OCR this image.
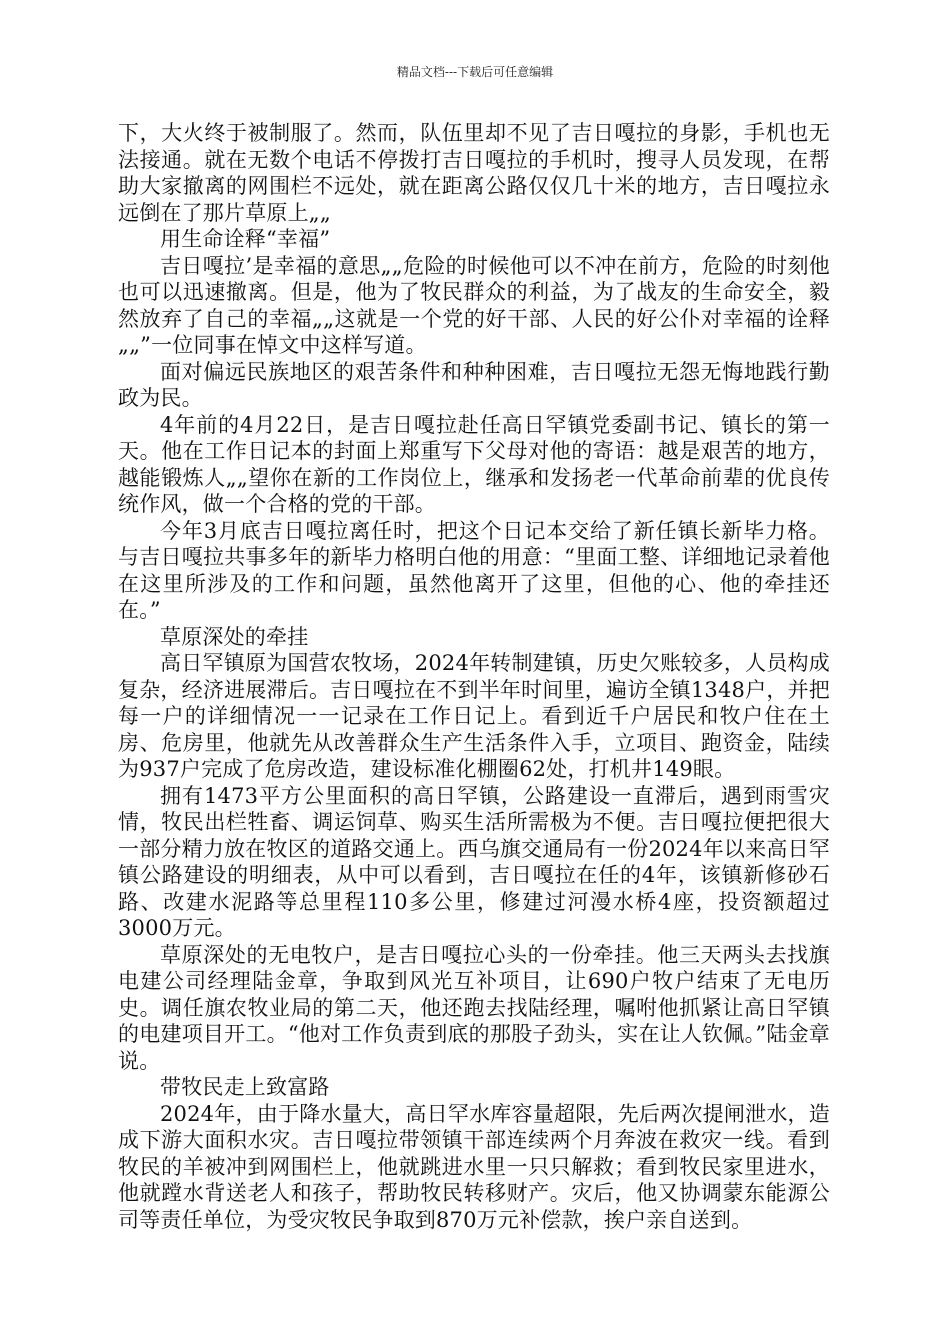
精品文档---下载后可任意编辑

下，大火终于被制服了。然而，队伍里却不见了吉日嘎拉的身影，手机也无法接通。就在无数个电话不停拨打吉日嘎拉的手机时，搜寻人员发现，在帮助大家撤离的网围栏不远处，就在距离公路仅仅几十米的地方，吉日嘎拉永远倒在了那片草原上„„

用生命诠释“幸福”

吉日嘎拉’是幸福的意思„„危险的时候他可以不冲在前方，危险的时刻他也可以迅速撤离。但是，他为了牧民群众的利益，为了战友的生命安全，毅然放弃了自己的幸福„„这就是一个党的好干部、人民的好公仆对幸福的诠释„„”一位同事在悼文中这样写道。

面对偏远民族地区的艰苦条件和种种困难，吉日嘎拉无怨无悔地践行勤政为民。

4年前的4月22日，是吉日嘎拉赴任高日罕镇党委副书记、镇长的第一天。他在工作日记本的封面上郑重写下父母对他的寄语：越是艰苦的地方，越能锻炼人„„望你在新的工作岗位上，继承和发扬老一代革命前辈的优良传统作风，做一个合格的党的干部。

今年3月底吉日嘎拉离任时，把这个日记本交给了新任镇长新毕力格。与吉日嘎拉共事多年的新毕力格明白他的用意：“里面工整、详细地记录着他在这里所涉及的工作和问题，虽然他离开了这里，但他的心、他的牵挂还在。”

草原深处的牵挂

高日罕镇原为国营农牧场，2024年转制建镇，历史欠账较多，人员构成复杂，经济进展滞后。吉日嘎拉在不到半年时间里，遍访全镇1348户，并把每一户的详细情况一一记录在工作日记上。看到近千户居民和牧户住在土房、危房里，他就先从改善群众生产生活条件入手，立项目、跑资金，陆续为937户完成了危房改造，建设标准化棚圈62处，打机井149眼。

拥有1473平方公里面积的高日罕镇，公路建设一直滞后，遇到雨雪灾情，牧民出栏牲畜、调运饲草、购买生活所需极为不便。吉日嘎拉便把很大一部分精力放在牧区的道路交通上。西乌旗交通局有一份2024年以来高日罕镇公路建设的明细表，从中可以看到，吉日嘎拉在任的4年，该镇新修砂石路、改建水泥路等总里程110多公里，修建过河漫水桥4座，投资额超过3000万元。

草原深处的无电牧户，是吉日嘎拉心头的一份牵挂。他三天两头去找旗电建公司经理陆金章，争取到风光互补项目，让690户牧户结束了无电历史。调任旗农牧业局的第二天，他还跑去找陆经理，嘱咐他抓紧让高日罕镇的电建项目开工。“他对工作负责到底的那股子劲头，实在让人钦佩。”陆金章说。

带牧民走上致富路

2024年，由于降水量大，高日罕水库容量超限，先后两次提闸泄水，造成下游大面积水灾。吉日嘎拉带领镇干部连续两个月奔波在救灾一线。看到牧民的羊被冲到网围栏上，他就跳进水里一只只解救；看到牧民家里进水，他就蹚水背送老人和孩子，帮助牧民转移财产。灾后，他又协调蒙东能源公司等责任单位，为受灾牧民争取到870万元补偿款，挨户亲自送到。
